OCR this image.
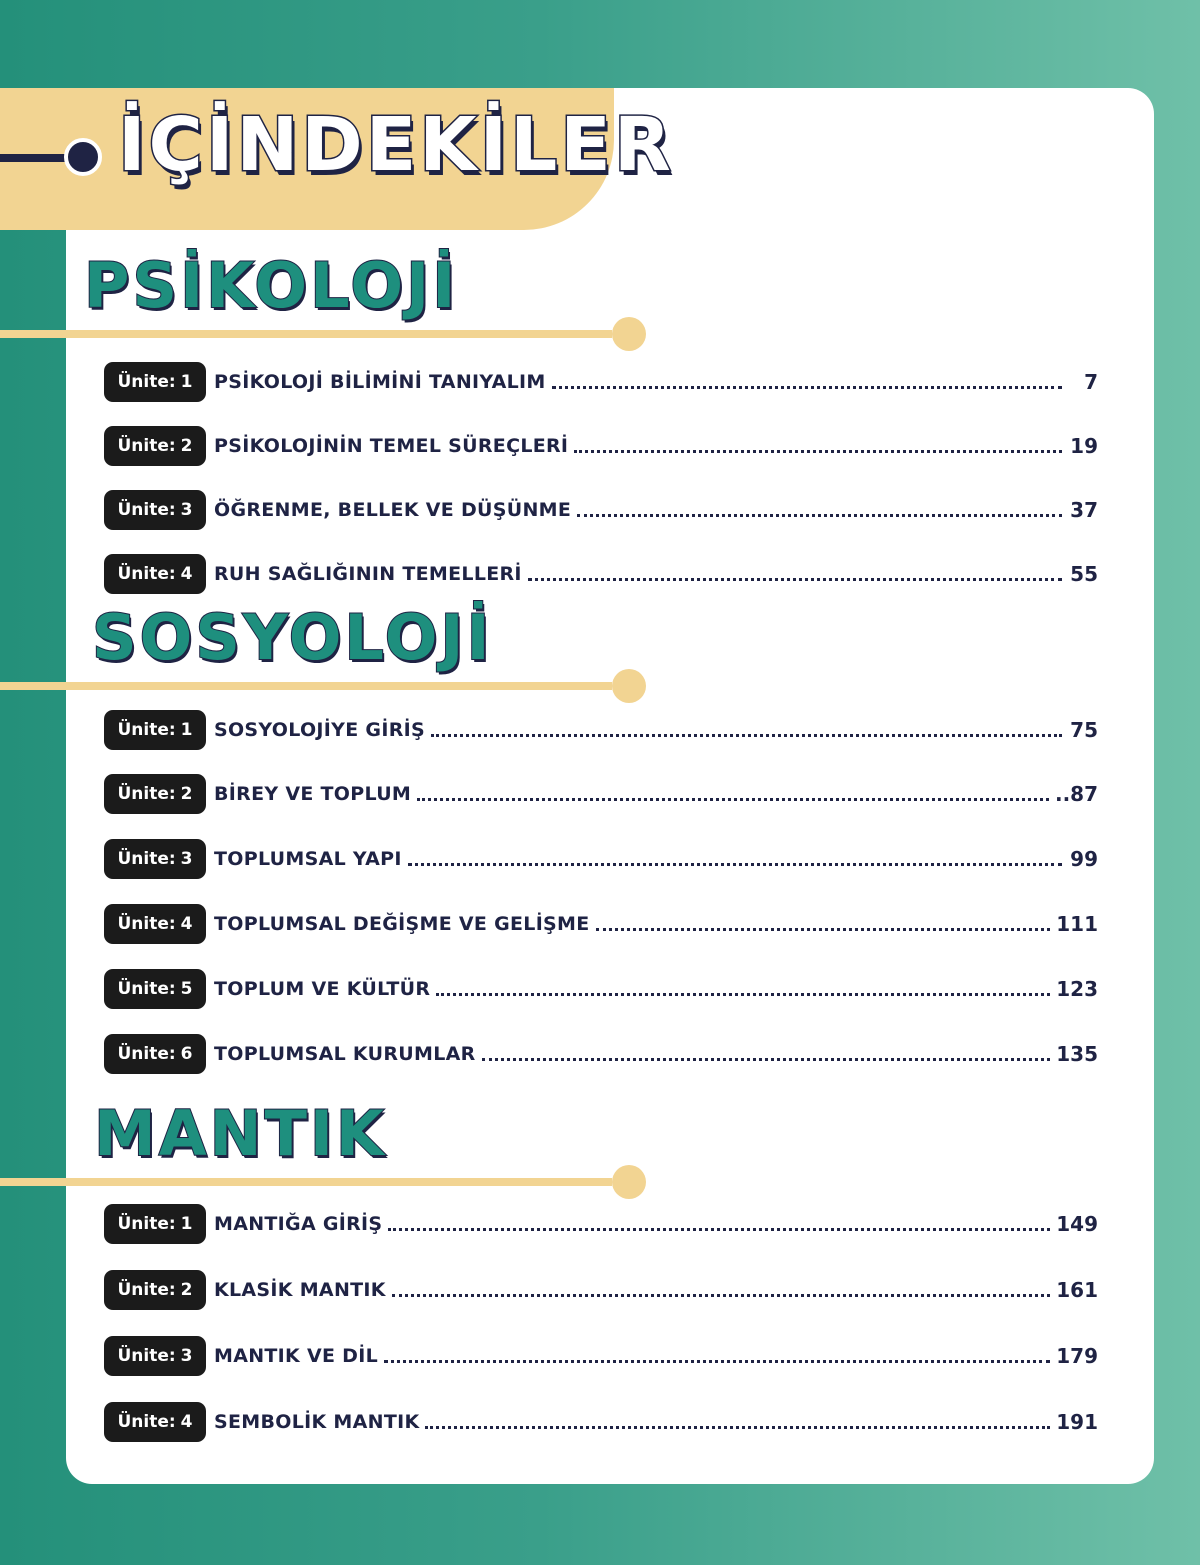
İÇİNDEKİLER
PSİKOLOJİ
Ünite: 1 PSİKOLOJİ BİLİMİNİ TANIYALIM	7
Ünite: 2 PSİKOLOJİNİN TEMEL SÜREÇLERİ	19
Ünite: 3 ÖĞRENME, BELLEK VE DÜŞÜNME	37
Ünite: 4 RUH SAĞLIĞININ TEMELLERİ	55
SOSYOLOJİ
Ünite: 1 SOSYOLOJİYE GİRİŞ	75
Ünite: 2 BİREY VE TOPLUM	..87
Ünite: 3 TOPLUMSAL YAPI	99
Ünite: 4 TOPLUMSAL DEĞİŞME VE GELİŞME	111
Ünite: 5 TOPLUM VE KÜLTÜR	123
Ünite: 6 TOPLUMSAL KURUMLAR	135
MANTIK
Ünite: 1 MANTIĞA GİRİŞ	149
Ünite: 2 KLASİK MANTIK	161
Ünite: 3 MANTIK VE DİL	179
Ünite: 4 SEMBOLİK MANTIK	191
